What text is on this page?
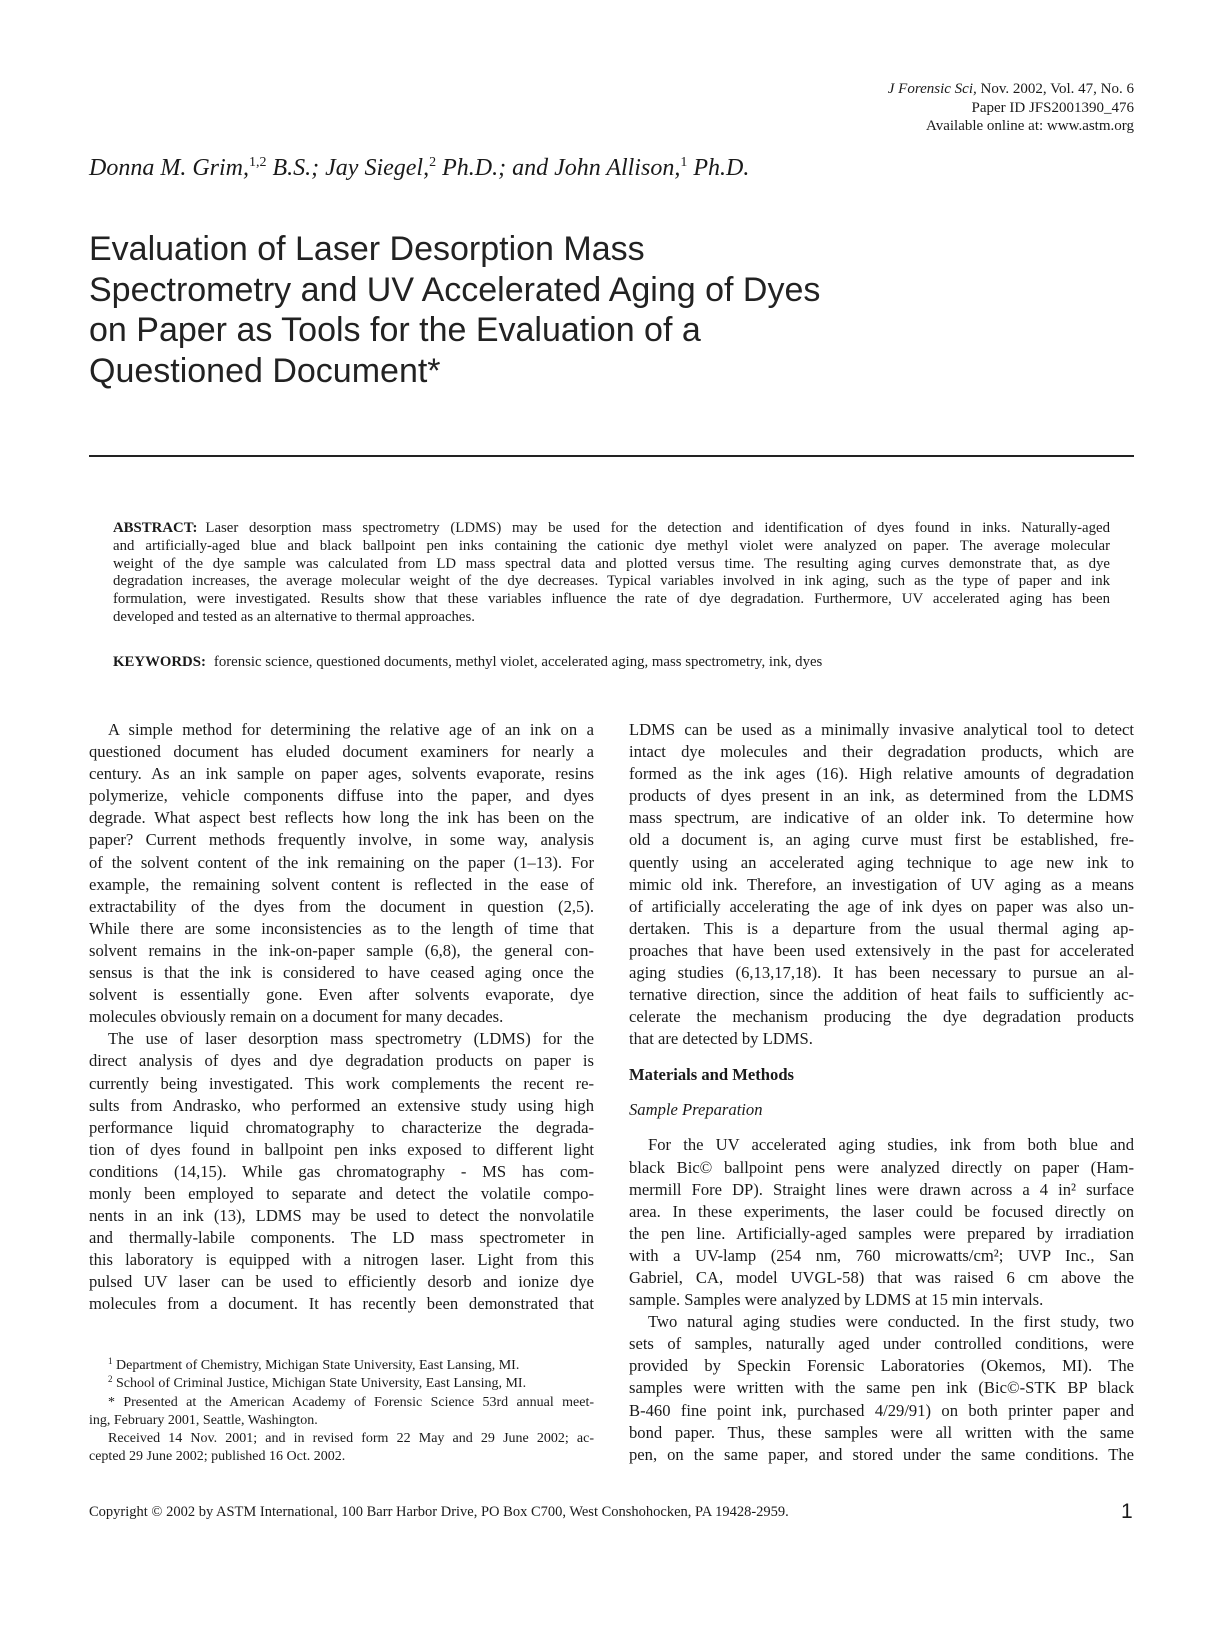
J Forensic Sci, Nov. 2002, Vol. 47, No. 6
Paper ID JFS2001390_476
Available online at: www.astm.org
Donna M. Grim,$^{1,2}$ B.S.; Jay Siegel,$^2$ Ph.D.; and John Allison,$^1$ Ph.D.
Evaluation of Laser Desorption Mass
Spectrometry and UV Accelerated Aging of Dyes
on Paper as Tools for the Evaluation of a
Questioned Document*
ABSTRACT: Laser desorption mass spectrometry (LDMS) may be used for the detection and identification of dyes found in inks. Naturally-aged
and artificially-aged blue and black ballpoint pen inks containing the cationic dye methyl violet were analyzed on paper. The average molecular
weight of the dye sample was calculated from LD mass spectral data and plotted versus time. The resulting aging curves demonstrate that, as dye
degradation increases, the average molecular weight of the dye decreases. Typical variables involved in ink aging, such as the type of paper and ink
formulation, were investigated. Results show that these variables influence the rate of dye degradation. Furthermore, UV accelerated aging has been
developed and tested as an alternative to thermal approaches.
KEYWORDS: forensic science, questioned documents, methyl violet, accelerated aging, mass spectrometry, ink, dyes
A simple method for determining the relative age of an ink on a
questioned document has eluded document examiners for nearly a
century. As an ink sample on paper ages, solvents evaporate, resins
polymerize, vehicle components diffuse into the paper, and dyes
degrade. What aspect best reflects how long the ink has been on the
paper? Current methods frequently involve, in some way, analysis
of the solvent content of the ink remaining on the paper (1–13). For
example, the remaining solvent content is reflected in the ease of
extractability of the dyes from the document in question (2,5).
While there are some inconsistencies as to the length of time that
solvent remains in the ink-on-paper sample (6,8), the general con-
sensus is that the ink is considered to have ceased aging once the
solvent is essentially gone. Even after solvents evaporate, dye
molecules obviously remain on a document for many decades.
The use of laser desorption mass spectrometry (LDMS) for the
direct analysis of dyes and dye degradation products on paper is
currently being investigated. This work complements the recent re-
sults from Andrasko, who performed an extensive study using high
performance liquid chromatography to characterize the degrada-
tion of dyes found in ballpoint pen inks exposed to different light
conditions (14,15). While gas chromatography - MS has com-
monly been employed to separate and detect the volatile compo-
nents in an ink (13), LDMS may be used to detect the nonvolatile
and thermally-labile components. The LD mass spectrometer in
this laboratory is equipped with a nitrogen laser. Light from this
pulsed UV laser can be used to efficiently desorb and ionize dye
molecules from a document. It has recently been demonstrated that
LDMS can be used as a minimally invasive analytical tool to detect
intact dye molecules and their degradation products, which are
formed as the ink ages (16). High relative amounts of degradation
products of dyes present in an ink, as determined from the LDMS
mass spectrum, are indicative of an older ink. To determine how
old a document is, an aging curve must first be established, fre-
quently using an accelerated aging technique to age new ink to
mimic old ink. Therefore, an investigation of UV aging as a means
of artificially accelerating the age of ink dyes on paper was also un-
dertaken. This is a departure from the usual thermal aging ap-
proaches that have been used extensively in the past for accelerated
aging studies (6,13,17,18). It has been necessary to pursue an al-
ternative direction, since the addition of heat fails to sufficiently ac-
celerate the mechanism producing the dye degradation products
that are detected by LDMS.
Materials and Methods
Sample Preparation
For the UV accelerated aging studies, ink from both blue and
black Bic© ballpoint pens were analyzed directly on paper (Ham-
mermill Fore DP). Straight lines were drawn across a 4 in² surface
area. In these experiments, the laser could be focused directly on
the pen line. Artificially-aged samples were prepared by irradiation
with a UV-lamp (254 nm, 760 microwatts/cm²; UVP Inc., San
Gabriel, CA, model UVGL-58) that was raised 6 cm above the
sample. Samples were analyzed by LDMS at 15 min intervals.
Two natural aging studies were conducted. In the first study, two
sets of samples, naturally aged under controlled conditions, were
provided by Speckin Forensic Laboratories (Okemos, MI). The
samples were written with the same pen ink (Bic©-STK BP black
B-460 fine point ink, purchased 4/29/91) on both printer paper and
bond paper. Thus, these samples were all written with the same
pen, on the same paper, and stored under the same conditions. The
$^1$ Department of Chemistry, Michigan State University, East Lansing, MI.
$^2$ School of Criminal Justice, Michigan State University, East Lansing, MI.
* Presented at the American Academy of Forensic Science 53rd annual meet-
ing, February 2001, Seattle, Washington.
Received 14 Nov. 2001; and in revised form 22 May and 29 June 2002; ac-
cepted 29 June 2002; published 16 Oct. 2002.
Copyright © 2002 by ASTM International, 100 Barr Harbor Drive, PO Box C700, West Conshohocken, PA 19428-2959.	1
